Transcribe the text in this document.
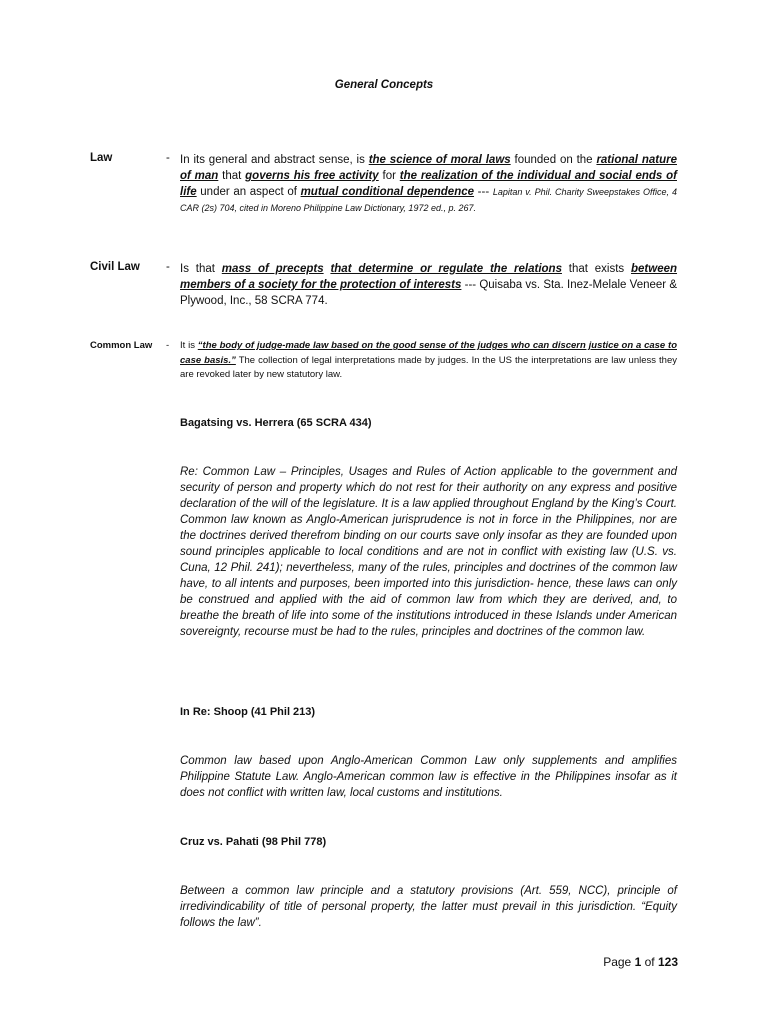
General Concepts
Law	- In its general and abstract sense, is the science of moral laws founded on the rational nature of man that governs his free activity for the realization of the individual and social ends of life under an aspect of mutual conditional dependence --- Lapitan v. Phil. Charity Sweepstakes Office, 4 CAR (2s) 704, cited in Moreno Philippine Law Dictionary, 1972 ed., p. 267.
Civil Law - Is that mass of precepts that determine or regulate the relations that exists between members of a society for the protection of interests --- Quisaba vs. Sta. Inez-Melale Veneer & Plywood, Inc., 58 SCRA 774.
Common Law - It is “the body of judge-made law based on the good sense of the judges who can discern justice on a case to case basis.” The collection of legal interpretations made by judges. In the US the interpretations are law unless they are revoked later by new statutory law.
Bagatsing vs. Herrera (65 SCRA 434)
Re: Common Law – Principles, Usages and Rules of Action applicable to the government and security of person and property which do not rest for their authority on any express and positive declaration of the will of the legislature. It is a law applied throughout England by the King’s Court. Common law known as Anglo-American jurisprudence is not in force in the Philippines, nor are the doctrines derived therefrom binding on our courts save only insofar as they are founded upon sound principles applicable to local conditions and are not in conflict with existing law (U.S. vs. Cuna, 12 Phil. 241); nevertheless, many of the rules, principles and doctrines of the common law have, to all intents and purposes, been imported into this jurisdiction- hence, these laws can only be construed and applied with the aid of common law from which they are derived, and, to breathe the breath of life into some of the institutions introduced in these Islands under American sovereignty, recourse must be had to the rules, principles and doctrines of the common law.
In Re: Shoop (41 Phil 213)
Common law based upon Anglo-American Common Law only supplements and amplifies Philippine Statute Law. Anglo-American common law is effective in the Philippines insofar as it does not conflict with written law, local customs and institutions.
Cruz vs. Pahati (98 Phil 778)
Between a common law principle and a statutory provisions (Art. 559, NCC), principle of irredivindicability of title of personal property, the latter must prevail in this jurisdiction. “Equity follows the law”.
Page 1 of 123
